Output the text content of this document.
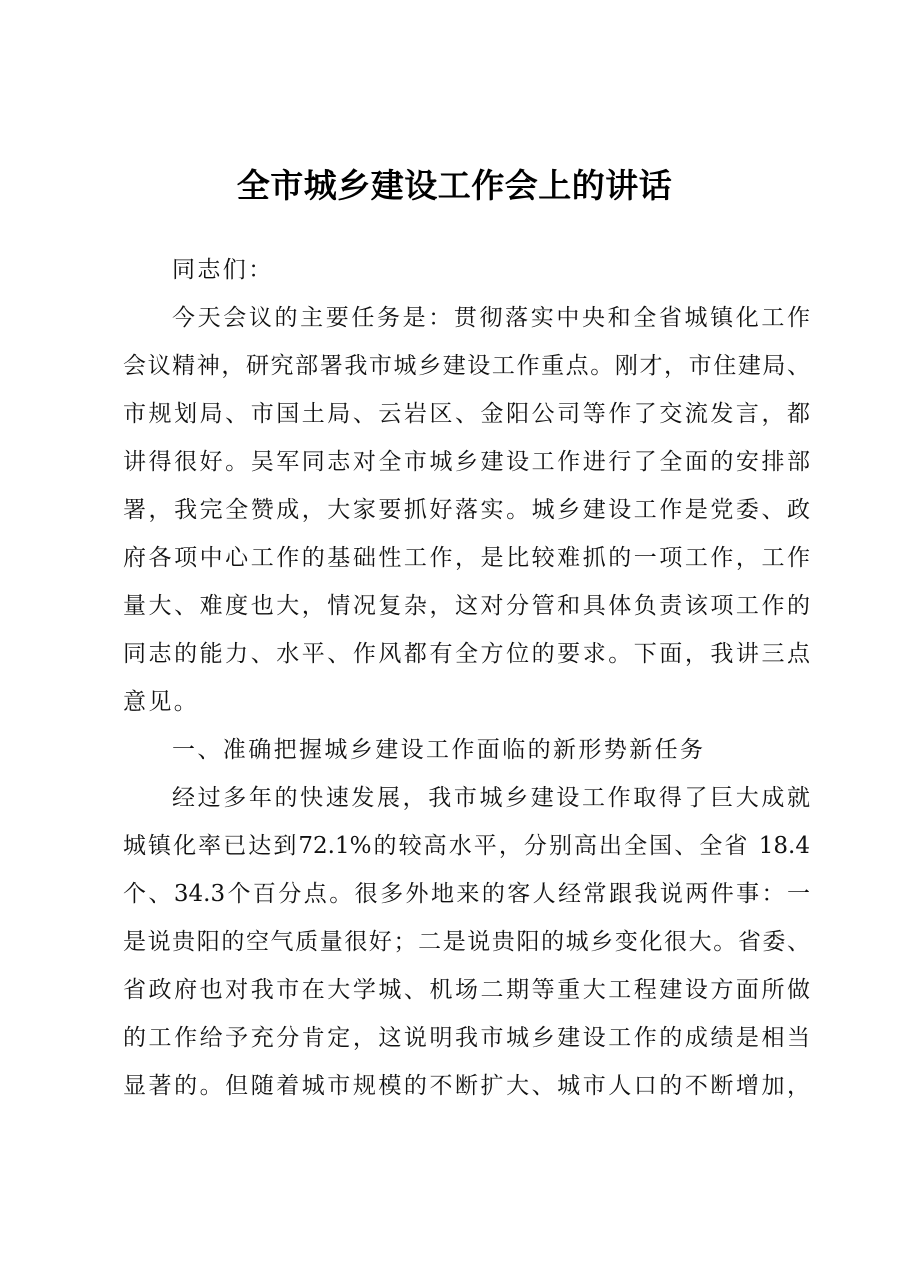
全市城乡建设工作会上的讲话
同志们：
今天会议的主要任务是：贯彻落实中央和全省城镇化工作
会议精神，研究部署我市城乡建设工作重点。刚才，市住建局、
市规划局、市国土局、云岩区、金阳公司等作了交流发言，都
讲得很好。吴军同志对全市城乡建设工作进行了全面的安排部
署，我完全赞成，大家要抓好落实。城乡建设工作是党委、政
府各项中心工作的基础性工作，是比较难抓的一项工作，工作
量大、难度也大，情况复杂，这对分管和具体负责该项工作的
同志的能力、水平、作风都有全方位的要求。下面，我讲三点
意见。
一、准确把握城乡建设工作面临的新形势新任务
经过多年的快速发展，我市城乡建设工作取得了巨大成就
城镇化率已达到72.1%的较高水平，分别高出全国、全省 18.4
个、34.3个百分点。很多外地来的客人经常跟我说两件事：一
是说贵阳的空气质量很好；二是说贵阳的城乡变化很大。省委、
省政府也对我市在大学城、机场二期等重大工程建设方面所做
的工作给予充分肯定，这说明我市城乡建设工作的成绩是相当
显著的。但随着城市规模的不断扩大、城市人口的不断增加，
